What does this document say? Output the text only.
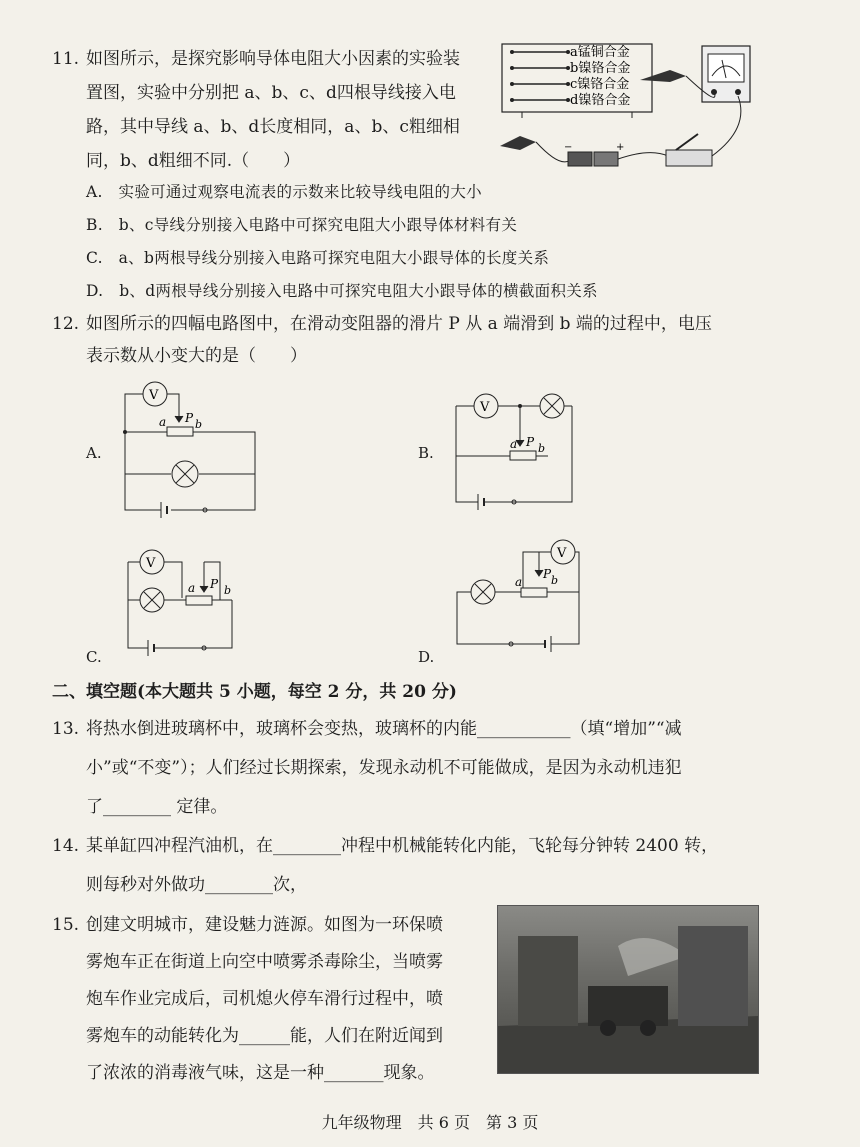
11. 如图所示，是探究影响导体电阻大小因素的实验装
置图，实验中分别把 a、b、c、d四根导线接入电
路，其中导线 a、b、d长度相同，a、b、c粗细相
同，b、d粗细不同.（　　）
a锰铜合金
b镍铬合金
c镍铬合金
d镍铬合金
−	+
A.　实验可通过观察电流表的示数来比较导线电阻的大小
B.　b、c导线分别接入电路中可探究电阻大小跟导体材料有关
C.　a、b两根导线分别接入电路可探究电阻大小跟导体的长度关系
D.　b、d两根导线分别接入电路中可探究电阻大小跟导体的横截面积关系
12. 如图所示的四幅电路图中，在滑动变阻器的滑片 P 从 a 端滑到 b 端的过程中，电压
表示数从小变大的是（　　）
A.
V
a P b
B.
V
a P b
C.
V
a P b
D.
V
a
P b
二、填空题(本大题共 5 小题，每空 2 分，共 20 分)
13. 将热水倒进玻璃杯中，玻璃杯会变热，玻璃杯的内能___________（填“增加”“减
小”或“不变”）；人们经过长期探索，发现永动机不可能做成，是因为永动机违犯
了________ 定律。
14. 某单缸四冲程汽油机，在________冲程中机械能转化内能，飞轮每分钟转 2400 转，
则每秒对外做功________次，
15. 创建文明城市，建设魅力涟源。如图为一环保喷
雾炮车正在街道上向空中喷雾杀毒除尘，当喷雾
炮车作业完成后，司机熄火停车滑行过程中，喷
雾炮车的动能转化为______能，人们在附近闻到
了浓浓的消毒液气味，这是一种_______现象。
九年级物理　共 6 页　第 3 页
